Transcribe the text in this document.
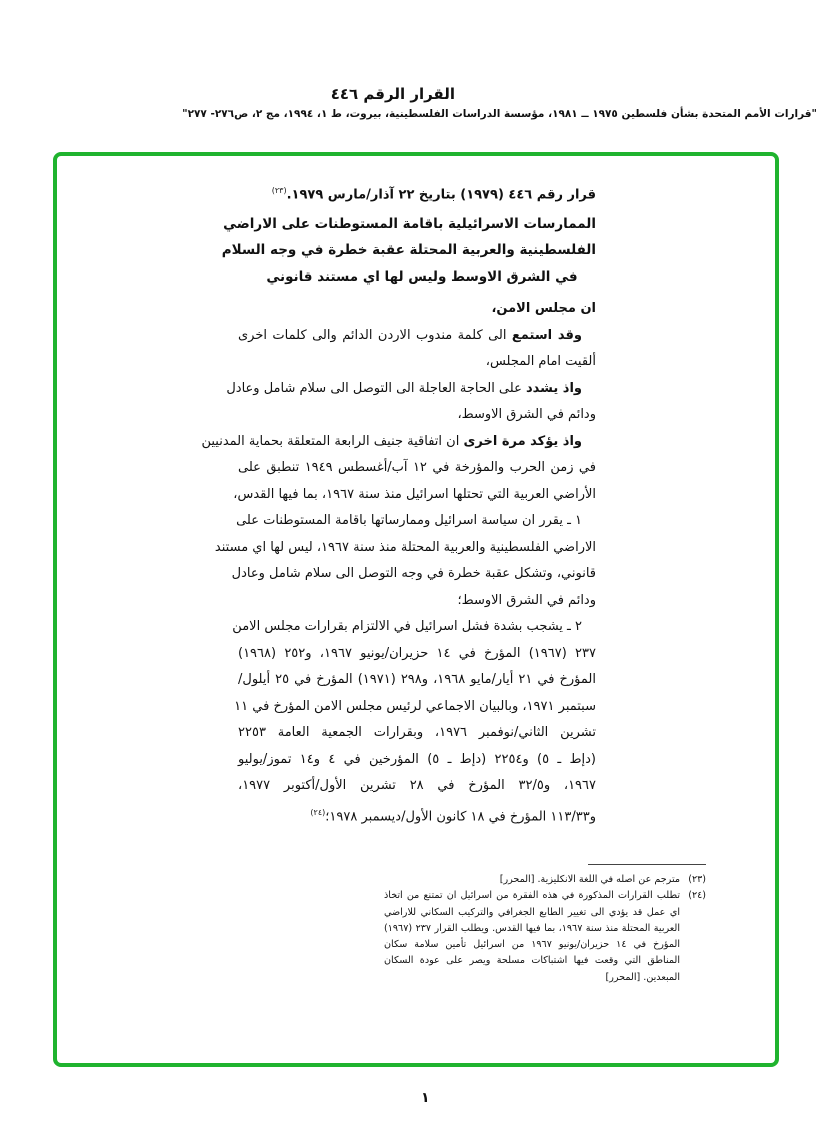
القرار الرقم ٤٤٦
"قرارات الأمم المتحدة بشأن فلسطين ١٩٧٥ ــ ١٩٨١، مؤسسة الدراسات الفلسطينية، بيروت، ط ١، ١٩٩٤، مج ٢، ص٢٧٦- ٢٧٧"
قرار رقم ٤٤٦ (١٩٧٩) بتاريخ ٢٢ آذار/مارس ١٩٧٩.$^{(٢٣)}$
الممارسات الاسرائيلية باقامة المستوطنات على الاراضي
الفلسطينية والعربية المحتلة عقبة خطرة في وجه السلام
في الشرق الاوسط وليس لها اي مستند قانوني
ان مجلس الامن،
وقد استمع الى كلمة مندوب الاردن الدائم والى كلمات اخرى
ألقيت امام المجلس،
واذ يشدد على الحاجة العاجلة الى التوصل الى سلام شامل وعادل
ودائم في الشرق الاوسط،
واذ يؤكد مرة اخرى ان اتفاقية جنيف الرابعة المتعلقة بحماية المدنيين
في زمن الحرب والمؤرخة في ١٢ آب/أغسطس ١٩٤٩ تنطبق على
الأراضي العربية التي تحتلها اسرائيل منذ سنة ١٩٦٧، بما فيها القدس،
١ ـ يقرر ان سياسة اسرائيل وممارساتها باقامة المستوطنات على
الاراضي الفلسطينية والعربية المحتلة منذ سنة ١٩٦٧، ليس لها اي مستند
قانوني، وتشكل عقبة خطرة في وجه التوصل الى سلام شامل وعادل
ودائم في الشرق الاوسط؛
٢ ـ يشجب بشدة فشل اسرائيل في الالتزام بقرارات مجلس الامن
٢٣٧ (١٩٦٧) المؤرخ في ١٤ حزيران/يونيو ١٩٦٧، و٢٥٢ (١٩٦٨)
المؤرخ في ٢١ أيار/مايو ١٩٦٨، و٢٩٨ (١٩٧١) المؤرخ في ٢٥ أيلول/
سبتمبر ١٩٧١، وبالبيان الاجماعي لرئيس مجلس الامن المؤرخ في ١١
تشرين الثاني/نوفمبر ١٩٧٦، وبقرارات الجمعية العامة ٢٢٥٣
(دإط ـ ٥) و٢٢٥٤ (دإط ـ ٥) المؤرخين في ٤ و١٤ تموز/يوليو
١٩٦٧، و٣٢/٥ المؤرخ في ٢٨ تشرين الأول/أكتوبر ١٩٧٧،
و١١٣/٣٣ المؤرخ في ١٨ كانون الأول/ديسمبر ١٩٧٨؛$^{(٢٤)}$
(٢٣)
مترجم عن اصله في اللغة الانكليزية. [المحرر]
(٢٤)
تطلب القرارات المذكورة في هذه الفقرة من اسرائيل ان تمتنع من اتخاذ اي عمل قد يؤدي الى تغيير الطابع الجغرافي والتركيب السكاني للاراضي العربية المحتلة منذ سنة ١٩٦٧، بما فيها القدس. ويطلب القرار ٢٣٧ (١٩٦٧) المؤرخ في ١٤ حزيران/يونيو ١٩٦٧ من اسرائيل تأمين سلامة سكان المناطق التي وقعت فيها اشتباكات مسلحة ويصر على عودة السكان المبعدين. [المحرر]
١
